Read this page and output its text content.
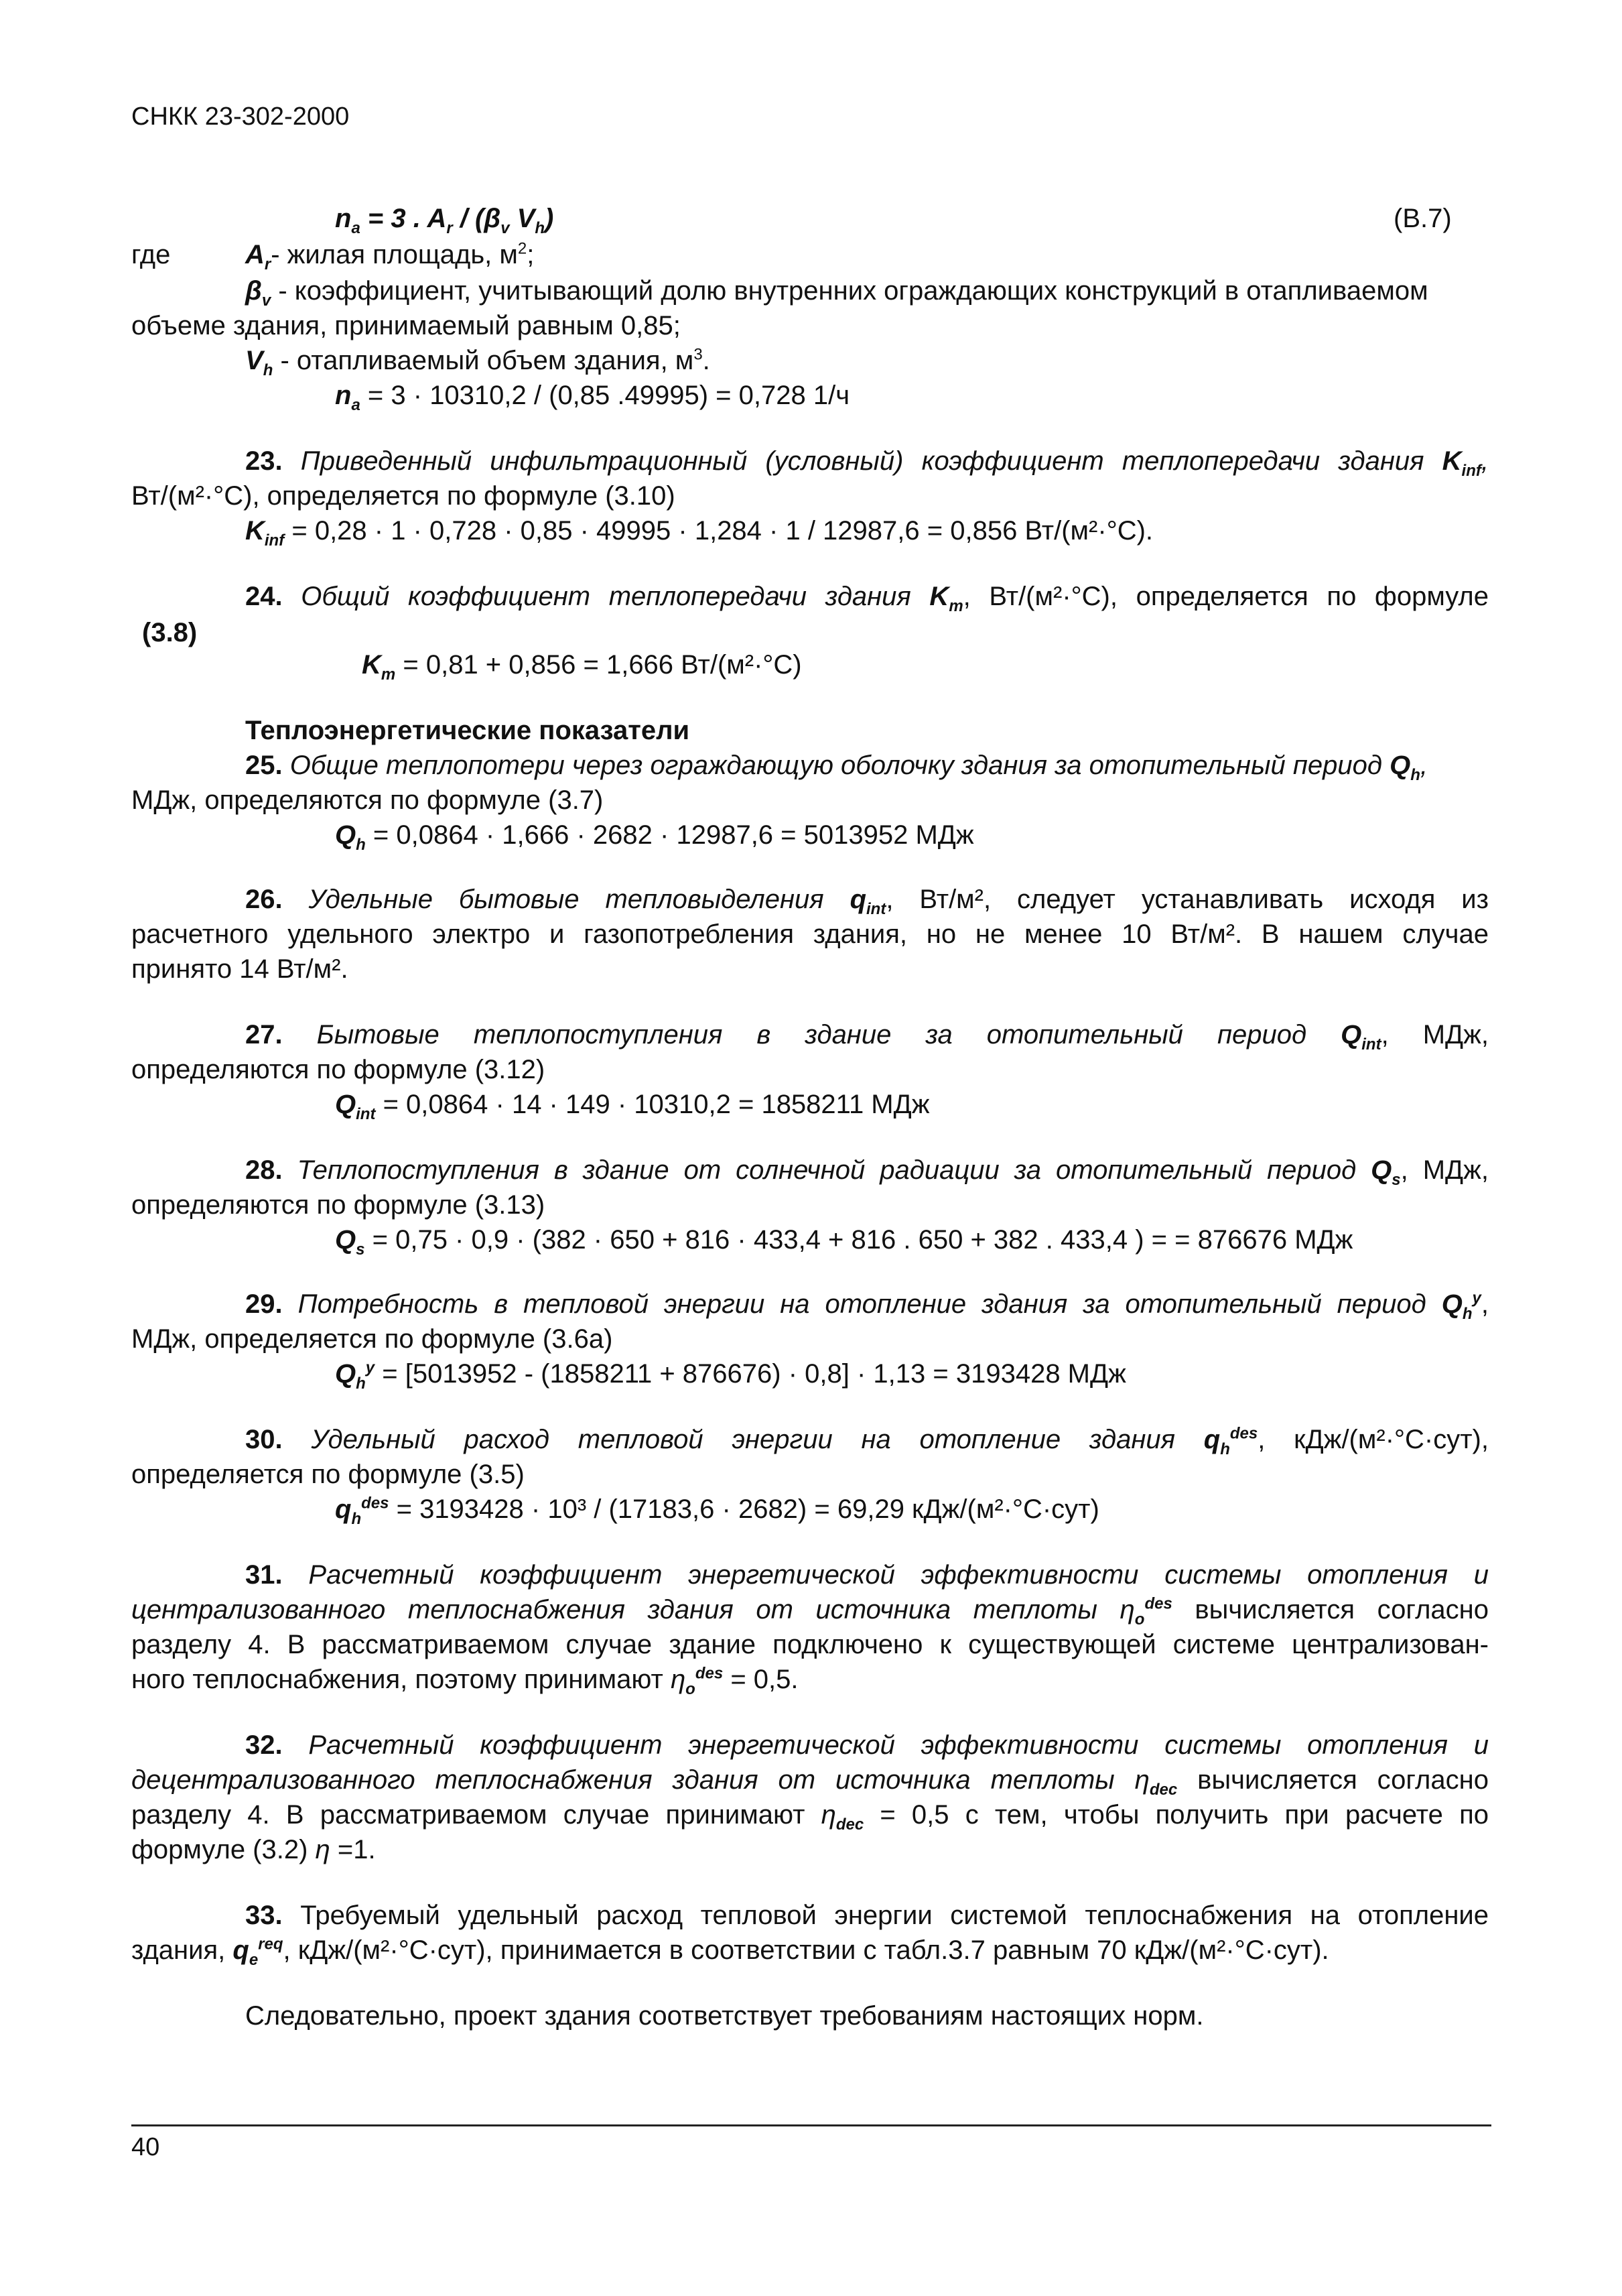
СНКК 23-302-2000
$n_a = 3$ . $A_r / (\beta_v$ $V_h$)	(В.7)
где	$A_r-$ жилая площадь, $м^2$;
$\beta_v$ - коэффициент, учитывающий долю внутренних ограждающих конструкций в отапливаемом
объеме здания, принимаемый равным 0,85;
$V_h$ - отапливаемый объем здания, $м^3$.
$n_a = 3 \cdot 10310,2 / (0,85$ .49995) = 0,728 1/ч
23. Приведенный инфильтрационный (условный) коэффициент теплопередачи здания $K_{inf}$,
Вт/(м²·°С), определяется по формуле (3.10)
$K_{inf} = 0,28 \cdot 1 \cdot 0,728 \cdot 0,85 \cdot 49995 \cdot 1,284 \cdot 1 / 12987,6 = 0,856$ Вт/(м²·°С).
24. Общий коэффициент теплопередачи здания $K_m$, Вт/(м²·°С), определяется по формуле
(3.8)
$K_m = 0,81 + 0,856 = 1,666$ Вт/(м²·°С)
Теплоэнергетические показатели
25. Общие теплопотери через ограждающую оболочку здания за отопительный период $Q_h$,
МДж, определяются по формуле (3.7)
$Q_h = 0,0864 \cdot 1,666 \cdot 2682 \cdot 12987,6 = 5013952$ МДж
26. Удельные бытовые тепловыделения $q_{int}$, Вт/м², следует устанавливать исходя из
расчетного удельного электро и газопотребления здания, но не менее 10 Вт/м². В нашем случае
принято 14 Вт/м².
27. Бытовые теплопоступления в здание за отопительный период $Q_{int}$, МДж,
определяются по формуле (3.12)
$Q_{int} = 0,0864 \cdot 14 \cdot 149 \cdot 10310,2 = 1858211$ МДж
28. Теплопоступления в здание от солнечной радиации за отопительный период $Q_s$, МДж,
определяются по формуле (3.13)
$Q_s = 0,75 \cdot 0,9 \cdot (382 \cdot 650 + 816 \cdot 433,4 + 816$ . 650 + 382 . 433,4 ) = = 876676 МДж
29. Потребность в тепловой энергии на отопление здания за отопительный период $Q_h^y$,
МДж, определяется по формуле (3.6а)
$Q_h^y = [5013952 - (1858211 + 876676) \cdot 0,8] \cdot 1,13 = 3193428$ МДж
30. Удельный расход тепловой энергии на отопление здания $q_h^{des}$, кДж/(м²·°С·сут),
определяется по формуле (3.5)
$q_h^{des} = 3193428 \cdot 10^3 / (17183,6 \cdot 2682) = 69,29$ кДж/(м²·°С·сут)
31. Расчетный коэффициент энергетической эффективности системы отопления и
централизованного теплоснабжения здания от источника теплоты $\eta_o^{des}$ вычисляется согласно
разделу 4. В рассматриваемом случае здание подключено к существующей системе централизован-
ного теплоснабжения, поэтому принимают $\eta_o^{des} = 0,5$.
32. Расчетный коэффициент энергетической эффективности системы отопления и
децентрализованного теплоснабжения здания от источника теплоты $\eta_{dec}$ вычисляется согласно
разделу 4. В рассматриваемом случае принимают $\eta_{dec} = 0,5$ с тем, чтобы получить при расчете по
формуле (3.2) η =1.
33. Требуемый удельный расход тепловой энергии системой теплоснабжения на отопление
здания, $q_e^{req}$, кДж/(м²·°С·сут), принимается в соответствии с табл.3.7 равным 70 кДж/(м²·°С·сут).
Следовательно, проект здания соответствует требованиям настоящих норм.
40
